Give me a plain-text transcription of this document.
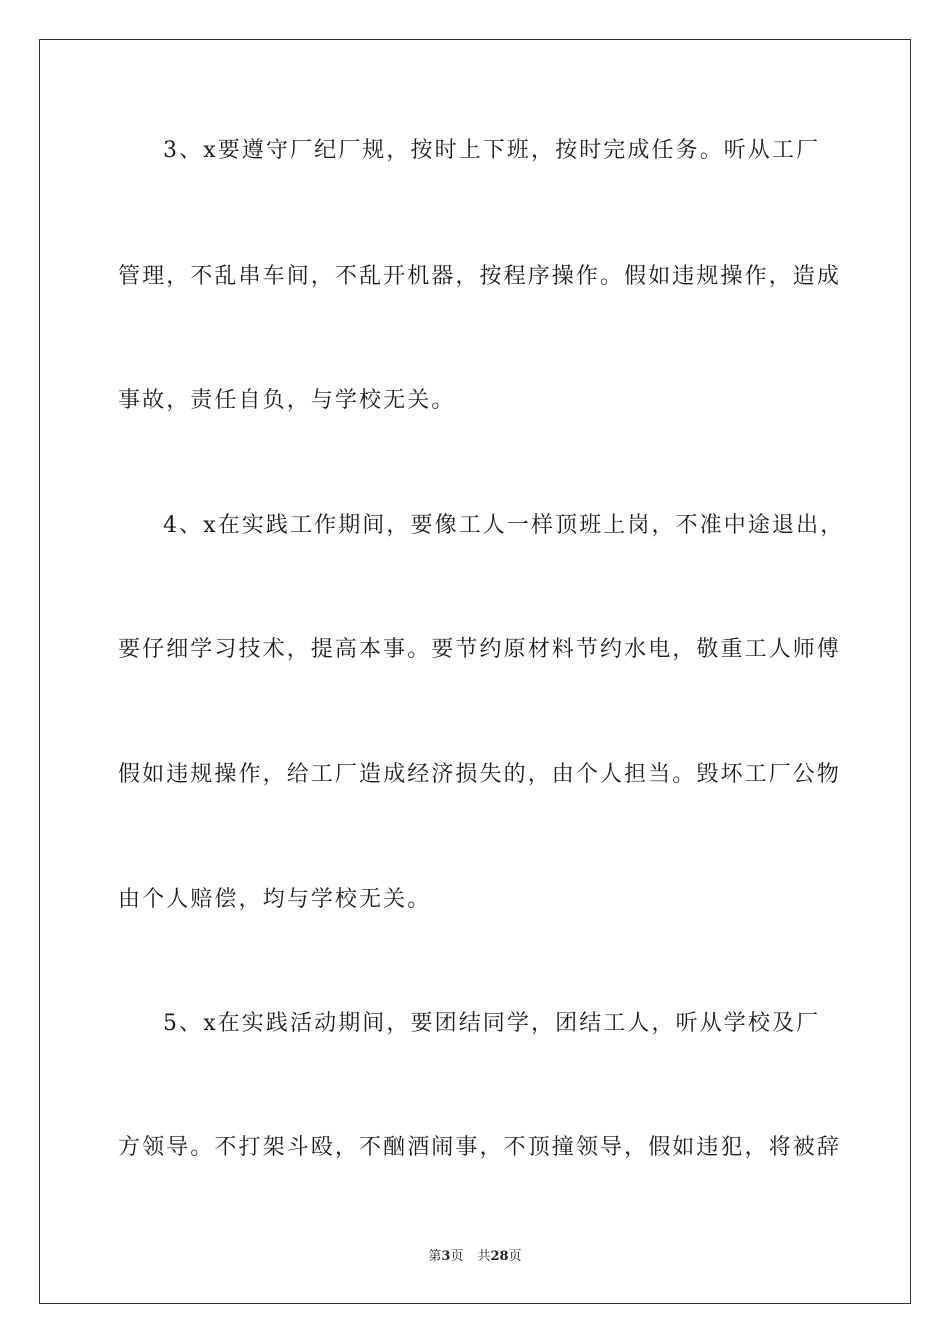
3、x要遵守厂纪厂规，按时上下班，按时完成任务。听从工厂

管理，不乱串车间，不乱开机器，按程序操作。假如违规操作，造成

事故，责任自负，与学校无关。

4、x在实践工作期间，要像工人一样顶班上岗，不准中途退出，

要仔细学习技术，提高本事。要节约原材料节约水电，敬重工人师傅

假如违规操作，给工厂造成经济损失的，由个人担当。毁坏工厂公物

由个人赔偿，均与学校无关。

5、x在实践活动期间，要团结同学，团结工人，听从学校及厂

方领导。不打架斗殴，不酗酒闹事，不顶撞领导，假如违犯，将被辞

第3页 共28页
